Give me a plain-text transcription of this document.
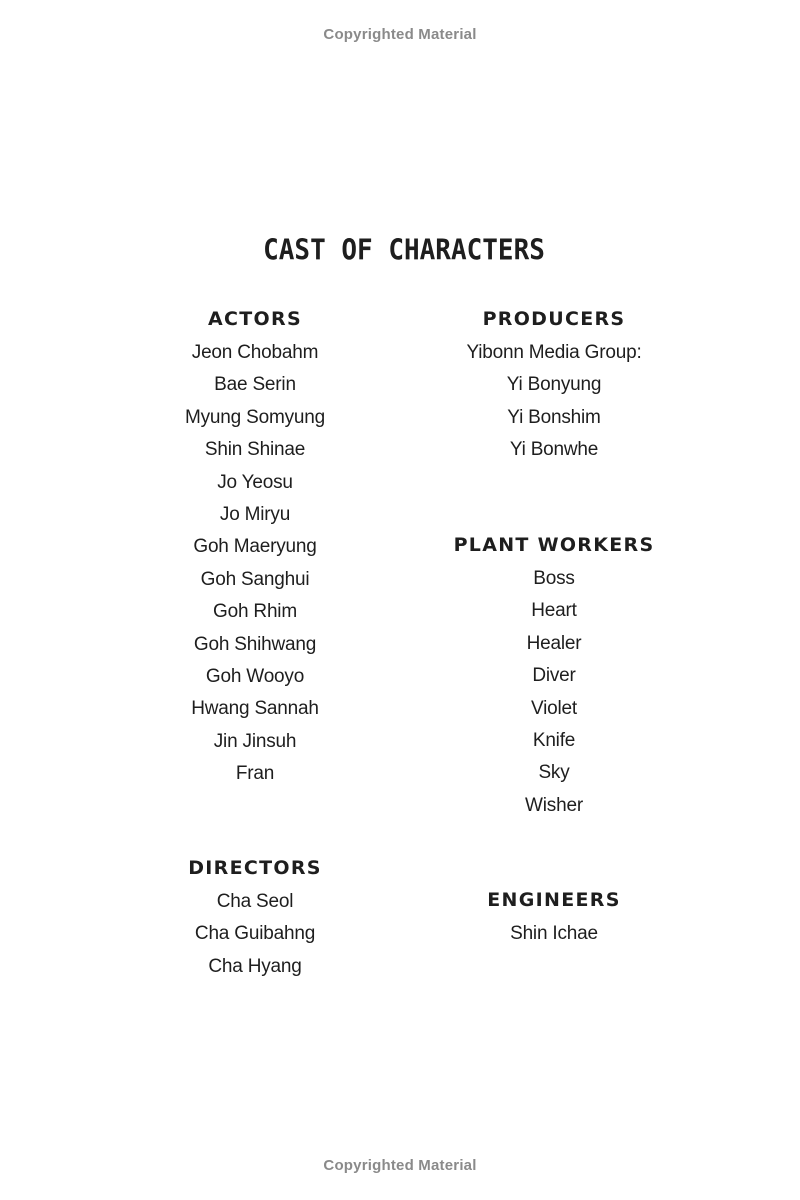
Copyrighted Material
CAST OF CHARACTERS
ACTORS
Jeon Chobahm
Bae Serin
Myung Somyung
Shin Shinae
Jo Yeosu
Jo Miryu
Goh Maeryung
Goh Sanghui
Goh Rhim
Goh Shihwang
Goh Wooyo
Hwang Sannah
Jin Jinsuh
Fran
DIRECTORS
Cha Seol
Cha Guibahng
Cha Hyang
PRODUCERS
Yibonn Media Group:
Yi Bonyung
Yi Bonshim
Yi Bonwhe
PLANT WORKERS
Boss
Heart
Healer
Diver
Violet
Knife
Sky
Wisher
ENGINEERS
Shin Ichae
Copyrighted Material
